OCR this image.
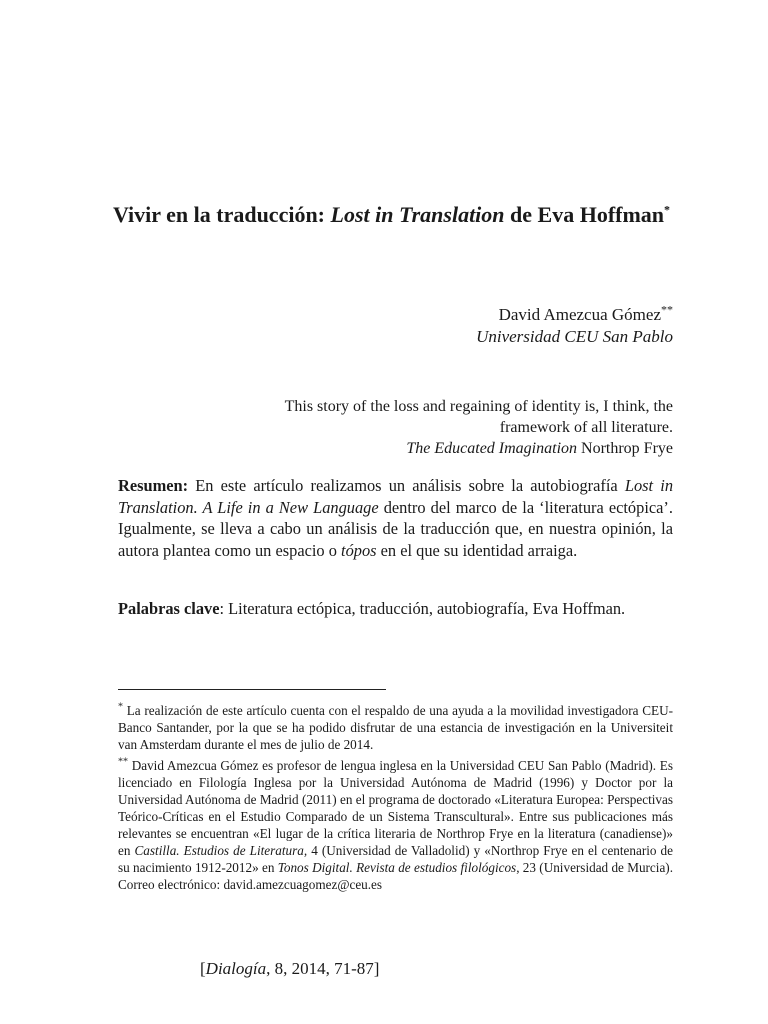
Vivir en la traducción: Lost in Translation de Eva Hoffman*
David Amezcua Gómez**
Universidad CEU San Pablo
This story of the loss and regaining of identity is, I think, the framework of all literature.
The Educated Imagination Northrop Frye

Resumen: En este artículo realizamos un análisis sobre la autobiografía Lost in Translation. A Life in a New Language dentro del marco de la ‘literatura ectópica’. Igualmente, se lleva a cabo un análisis de la traducción que, en nuestra opinión, la autora plantea como un espacio o tópos en el que su identidad arraiga.

Palabras clave: Literatura ectópica, traducción, autobiografía, Eva Hoffman.

* La realización de este artículo cuenta con el respaldo de una ayuda a la movilidad investigadora CEU-Banco Santander, por la que se ha podido disfrutar de una estancia de investigación en la Universiteit van Amsterdam durante el mes de julio de 2014.

** David Amezcua Gómez es profesor de lengua inglesa en la Universidad CEU San Pablo (Madrid). Es licenciado en Filología Inglesa por la Universidad Autónoma de Madrid (1996) y Doctor por la Universidad Autónoma de Madrid (2011) en el programa de doctorado «Literatura Europea: Perspectivas Teórico-Críticas en el Estudio Comparado de un Sistema Transcultural». Entre sus publicaciones más relevantes se encuentran «El lugar de la crítica literaria de Northrop Frye en la literatura (canadiense)» en Castilla. Estudios de Literatura, 4 (Universidad de Valladolid) y «Northrop Frye en el centenario de su nacimiento 1912-2012» en Tonos Digital. Revista de estudios filológicos, 23 (Universidad de Murcia). Correo electrónico: david.amezcuagomez@ceu.es

[Dialogía, 8, 2014, 71-87]
